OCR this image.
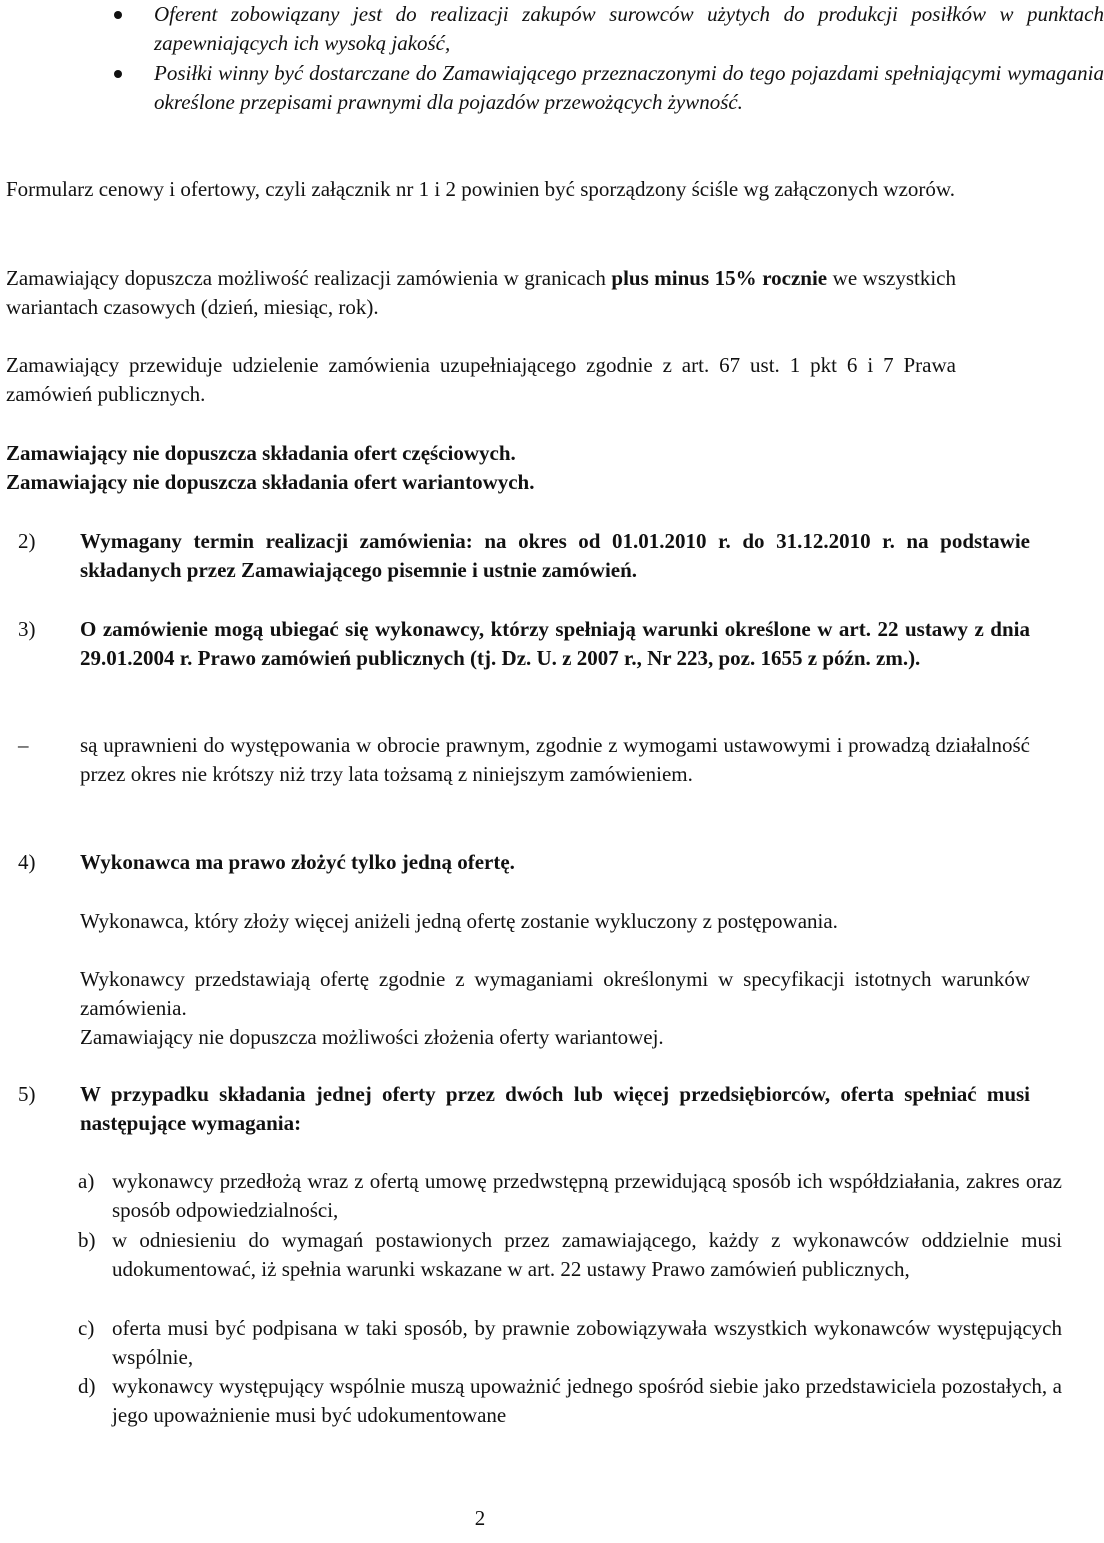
Oferent zobowiązany jest do realizacji zakupów surowców użytych do produkcji posiłków w punktach zapewniających ich wysoką jakość,

Posiłki winny być dostarczane do Zamawiającego przeznaczonymi do tego pojazdami spełniającymi wymagania określone przepisami prawnymi dla pojazdów przewożących żywność.

Formularz cenowy i ofertowy, czyli załącznik nr 1 i 2 powinien być sporządzony ściśle wg załączonych wzorów.

Zamawiający dopuszcza możliwość realizacji zamówienia w granicach plus minus 15% rocznie we wszystkich wariantach czasowych (dzień, miesiąc, rok).

Zamawiający przewiduje udzielenie zamówienia uzupełniającego zgodnie z art. 67 ust. 1 pkt 6 i 7 Prawa zamówień publicznych.

Zamawiający nie dopuszcza składania ofert częściowych.

Zamawiający nie dopuszcza składania ofert wariantowych.

2) Wymagany termin realizacji zamówienia: na okres od 01.01.2010 r. do 31.12.2010 r. na podstawie składanych przez Zamawiającego pisemnie i ustnie zamówień.

3) O zamówienie mogą ubiegać się wykonawcy, którzy spełniają warunki określone w art. 22 ustawy z dnia 29.01.2004 r. Prawo zamówień publicznych (tj. Dz. U. z 2007 r., Nr 223, poz. 1655 z późn. zm.).

– są uprawnieni do występowania w obrocie prawnym, zgodnie z wymogami ustawowymi i prowadzą działalność przez okres nie krótszy niż trzy lata tożsamą z niniejszym zamówieniem.

4) Wykonawca ma prawo złożyć tylko jedną ofertę.

Wykonawca, który złoży więcej aniżeli jedną ofertę zostanie wykluczony z postępowania.

Wykonawcy przedstawiają ofertę zgodnie z wymaganiami określonymi w specyfikacji istotnych warunków zamówienia.

Zamawiający nie dopuszcza możliwości złożenia oferty wariantowej.

5) W przypadku składania jednej oferty przez dwóch lub więcej przedsiębiorców, oferta spełniać musi następujące wymagania:

a) wykonawcy przedłożą wraz z ofertą umowę przedwstępną przewidującą sposób ich współdziałania, zakres oraz sposób odpowiedzialności,

b) w odniesieniu do wymagań postawionych przez zamawiającego, każdy z wykonawców oddzielnie musi udokumentować, iż spełnia warunki wskazane w art. 22 ustawy Prawo zamówień publicznych,

c) oferta musi być podpisana w taki sposób, by prawnie zobowiązywała wszystkich wykonawców występujących wspólnie,

d) wykonawcy występujący wspólnie muszą upoważnić jednego spośród siebie jako przedstawiciela pozostałych, a jego upoważnienie musi być udokumentowane

2
